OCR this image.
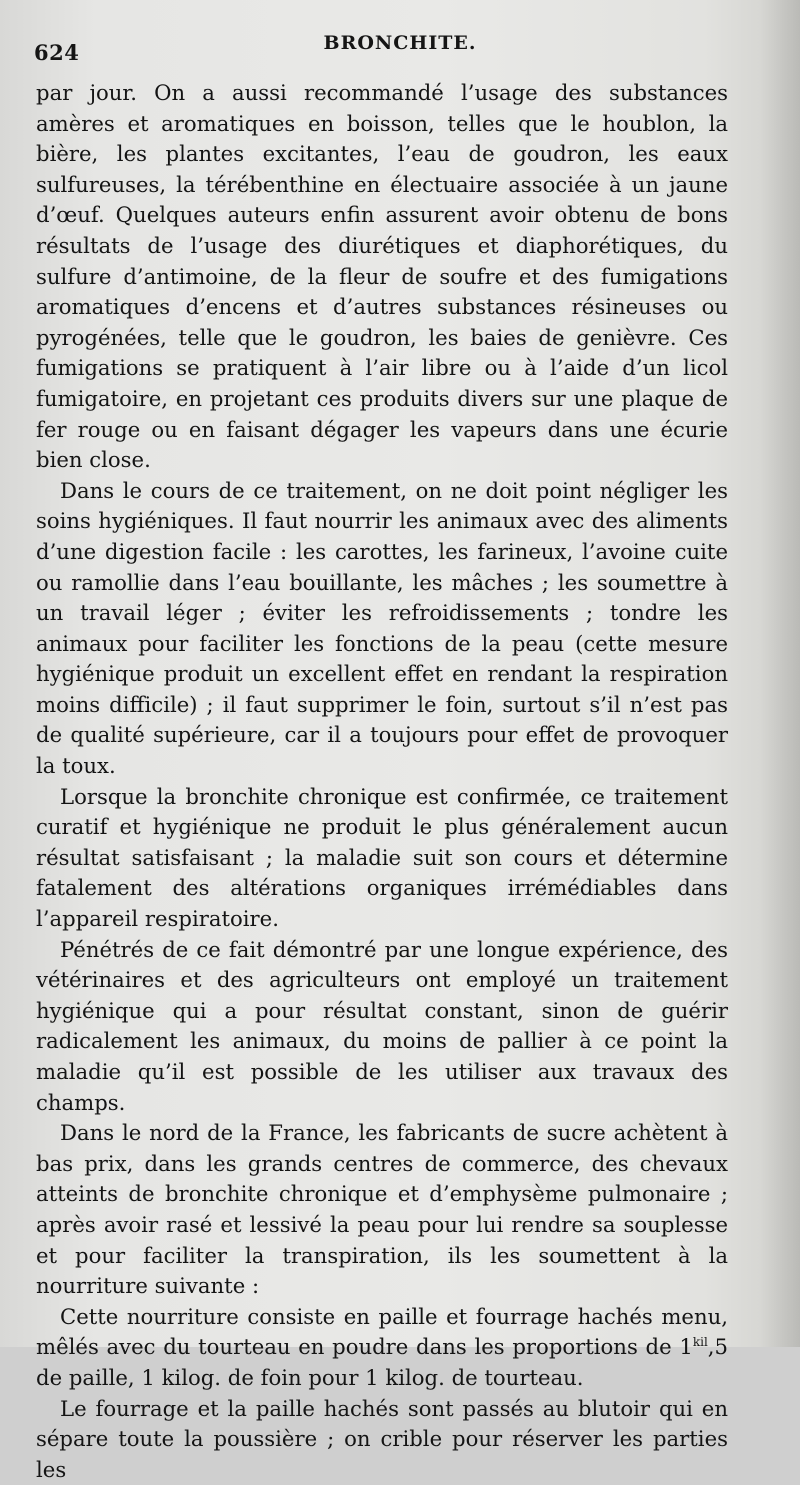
624	BRONCHITE.

par jour. On a aussi recommandé l’usage des substances amères et aromatiques en boisson, telles que le houblon, la bière, les plantes excitantes, l’eau de goudron, les eaux sulfureuses, la térébenthine en électuaire associée à un jaune d’œuf. Quelques auteurs enfin assurent avoir obtenu de bons résultats de l’usage des diurétiques et diaphorétiques, du sulfure d’antimoine, de la fleur de soufre et des fumigations aromatiques d’encens et d’autres substances résineuses ou pyrogénées, telle que le goudron, les baies de genièvre. Ces fumigations se pratiquent à l’air libre ou à l’aide d’un licol fumigatoire, en projetant ces produits divers sur une plaque de fer rouge ou en faisant dégager les vapeurs dans une écurie bien close.

Dans le cours de ce traitement, on ne doit point négliger les soins hygiéniques. Il faut nourrir les animaux avec des aliments d’une digestion facile : les carottes, les farineux, l’avoine cuite ou ramollie dans l’eau bouillante, les mâches ; les soumettre à un travail léger ; éviter les refroidissements ; tondre les animaux pour faciliter les fonctions de la peau (cette mesure hygiénique produit un excellent effet en rendant la respiration moins difficile) ; il faut supprimer le foin, surtout s’il n’est pas de qualité supérieure, car il a toujours pour effet de provoquer la toux.

Lorsque la bronchite chronique est confirmée, ce traitement curatif et hygiénique ne produit le plus généralement aucun résultat satisfaisant ; la maladie suit son cours et détermine fatalement des altérations organiques irrémédiables dans l’appareil respiratoire.

Pénétrés de ce fait démontré par une longue expérience, des vétérinaires et des agriculteurs ont employé un traitement hygiénique qui a pour résultat constant, sinon de guérir radicalement les animaux, du moins de pallier à ce point la maladie qu’il est possible de les utiliser aux travaux des champs.

Dans le nord de la France, les fabricants de sucre achètent à bas prix, dans les grands centres de commerce, des chevaux atteints de bronchite chronique et d’emphysème pulmonaire ; après avoir rasé et lessivé la peau pour lui rendre sa souplesse et pour faciliter la transpiration, ils les soumettent à la nourriture suivante :

Cette nourriture consiste en paille et fourrage hachés menu, mêlés avec du tourteau en poudre dans les proportions de $1^{kil},5$ de paille, 1 kilog. de foin pour 1 kilog. de tourteau.

Le fourrage et la paille hachés sont passés au blutoir qui en sépare toute la poussière ; on crible pour réserver les parties les
